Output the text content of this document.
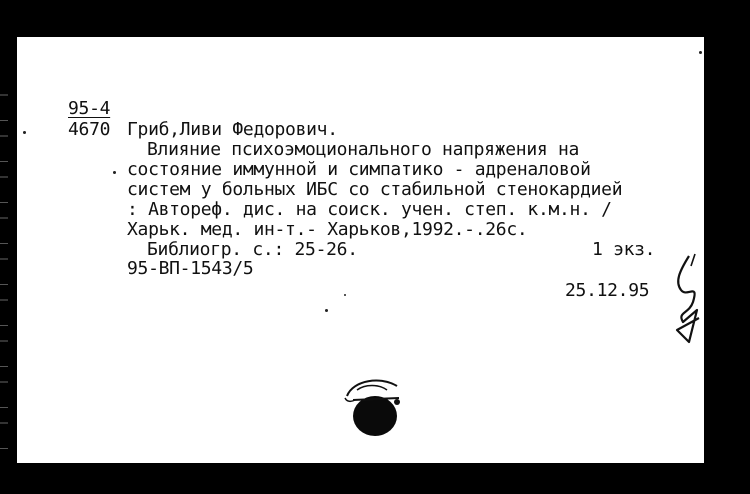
95-4
4670 Гриб,Ливи Федорович.
Влияние психоэмоционального напряжения на
состояние иммунной и симпатико - адреналовой
систем у больных ИБС со стабильной стенокардией
: Автореф. дис. на соиск. учен. степ. к.м.н. /
Харьк. мед. ин-т.- Харьков,1992.-.26с.
Библиогр. с.: 25-26.	1 экз.
95-ВП-1543/5
25.12.95
